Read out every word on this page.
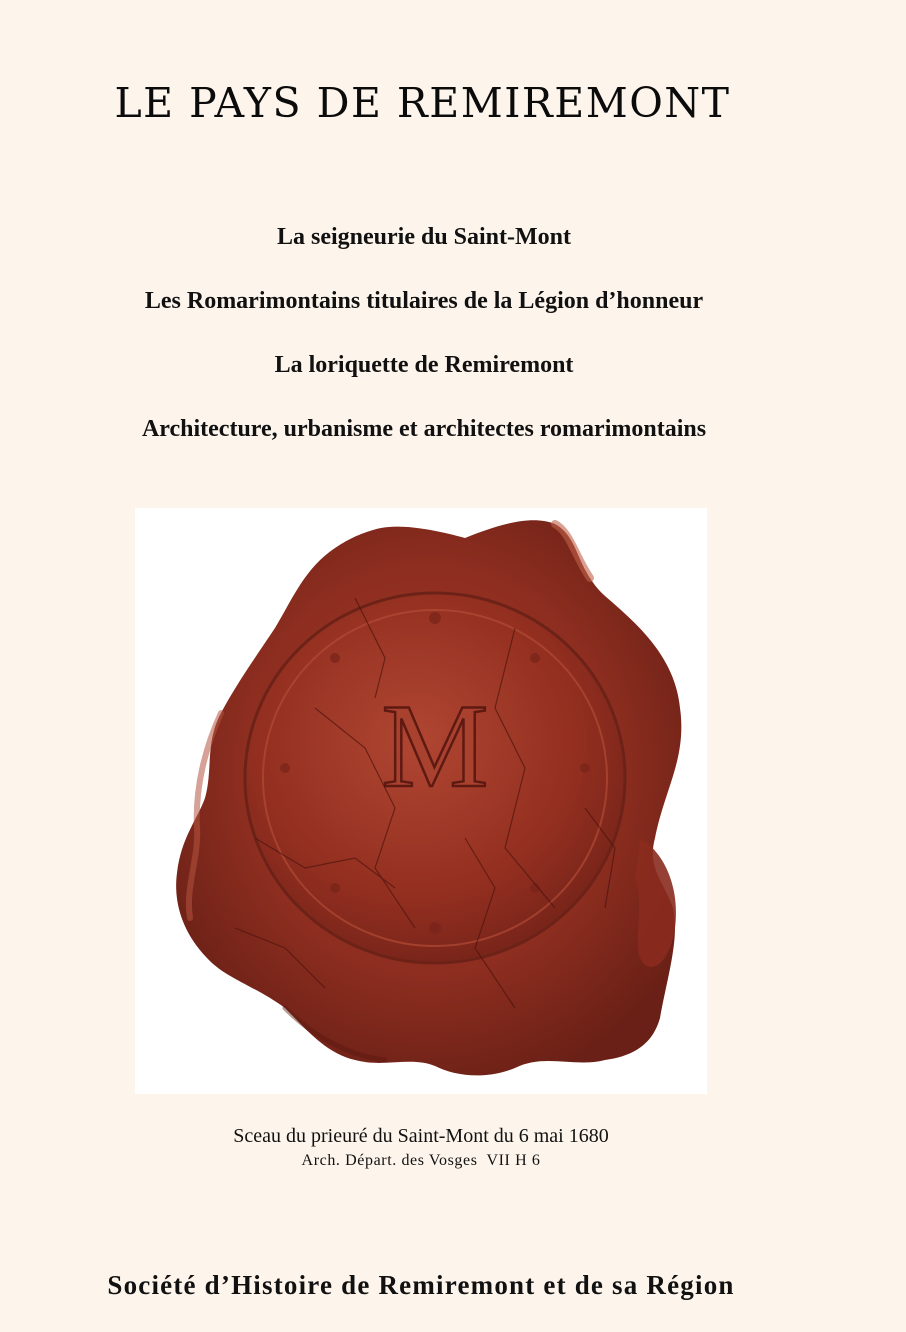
LE PAYS DE REMIREMONT
La seigneurie du Saint-Mont
Les Romarimontains titulaires de la Légion d’honneur
La loriquette de Remiremont
Architecture, urbanisme et architectes romarimontains
M
Sceau du prieuré du Saint-Mont du 6 mai 1680
Arch. Départ. des Vosges  VII H 6
Société d’Histoire de Remiremont et de sa Région
